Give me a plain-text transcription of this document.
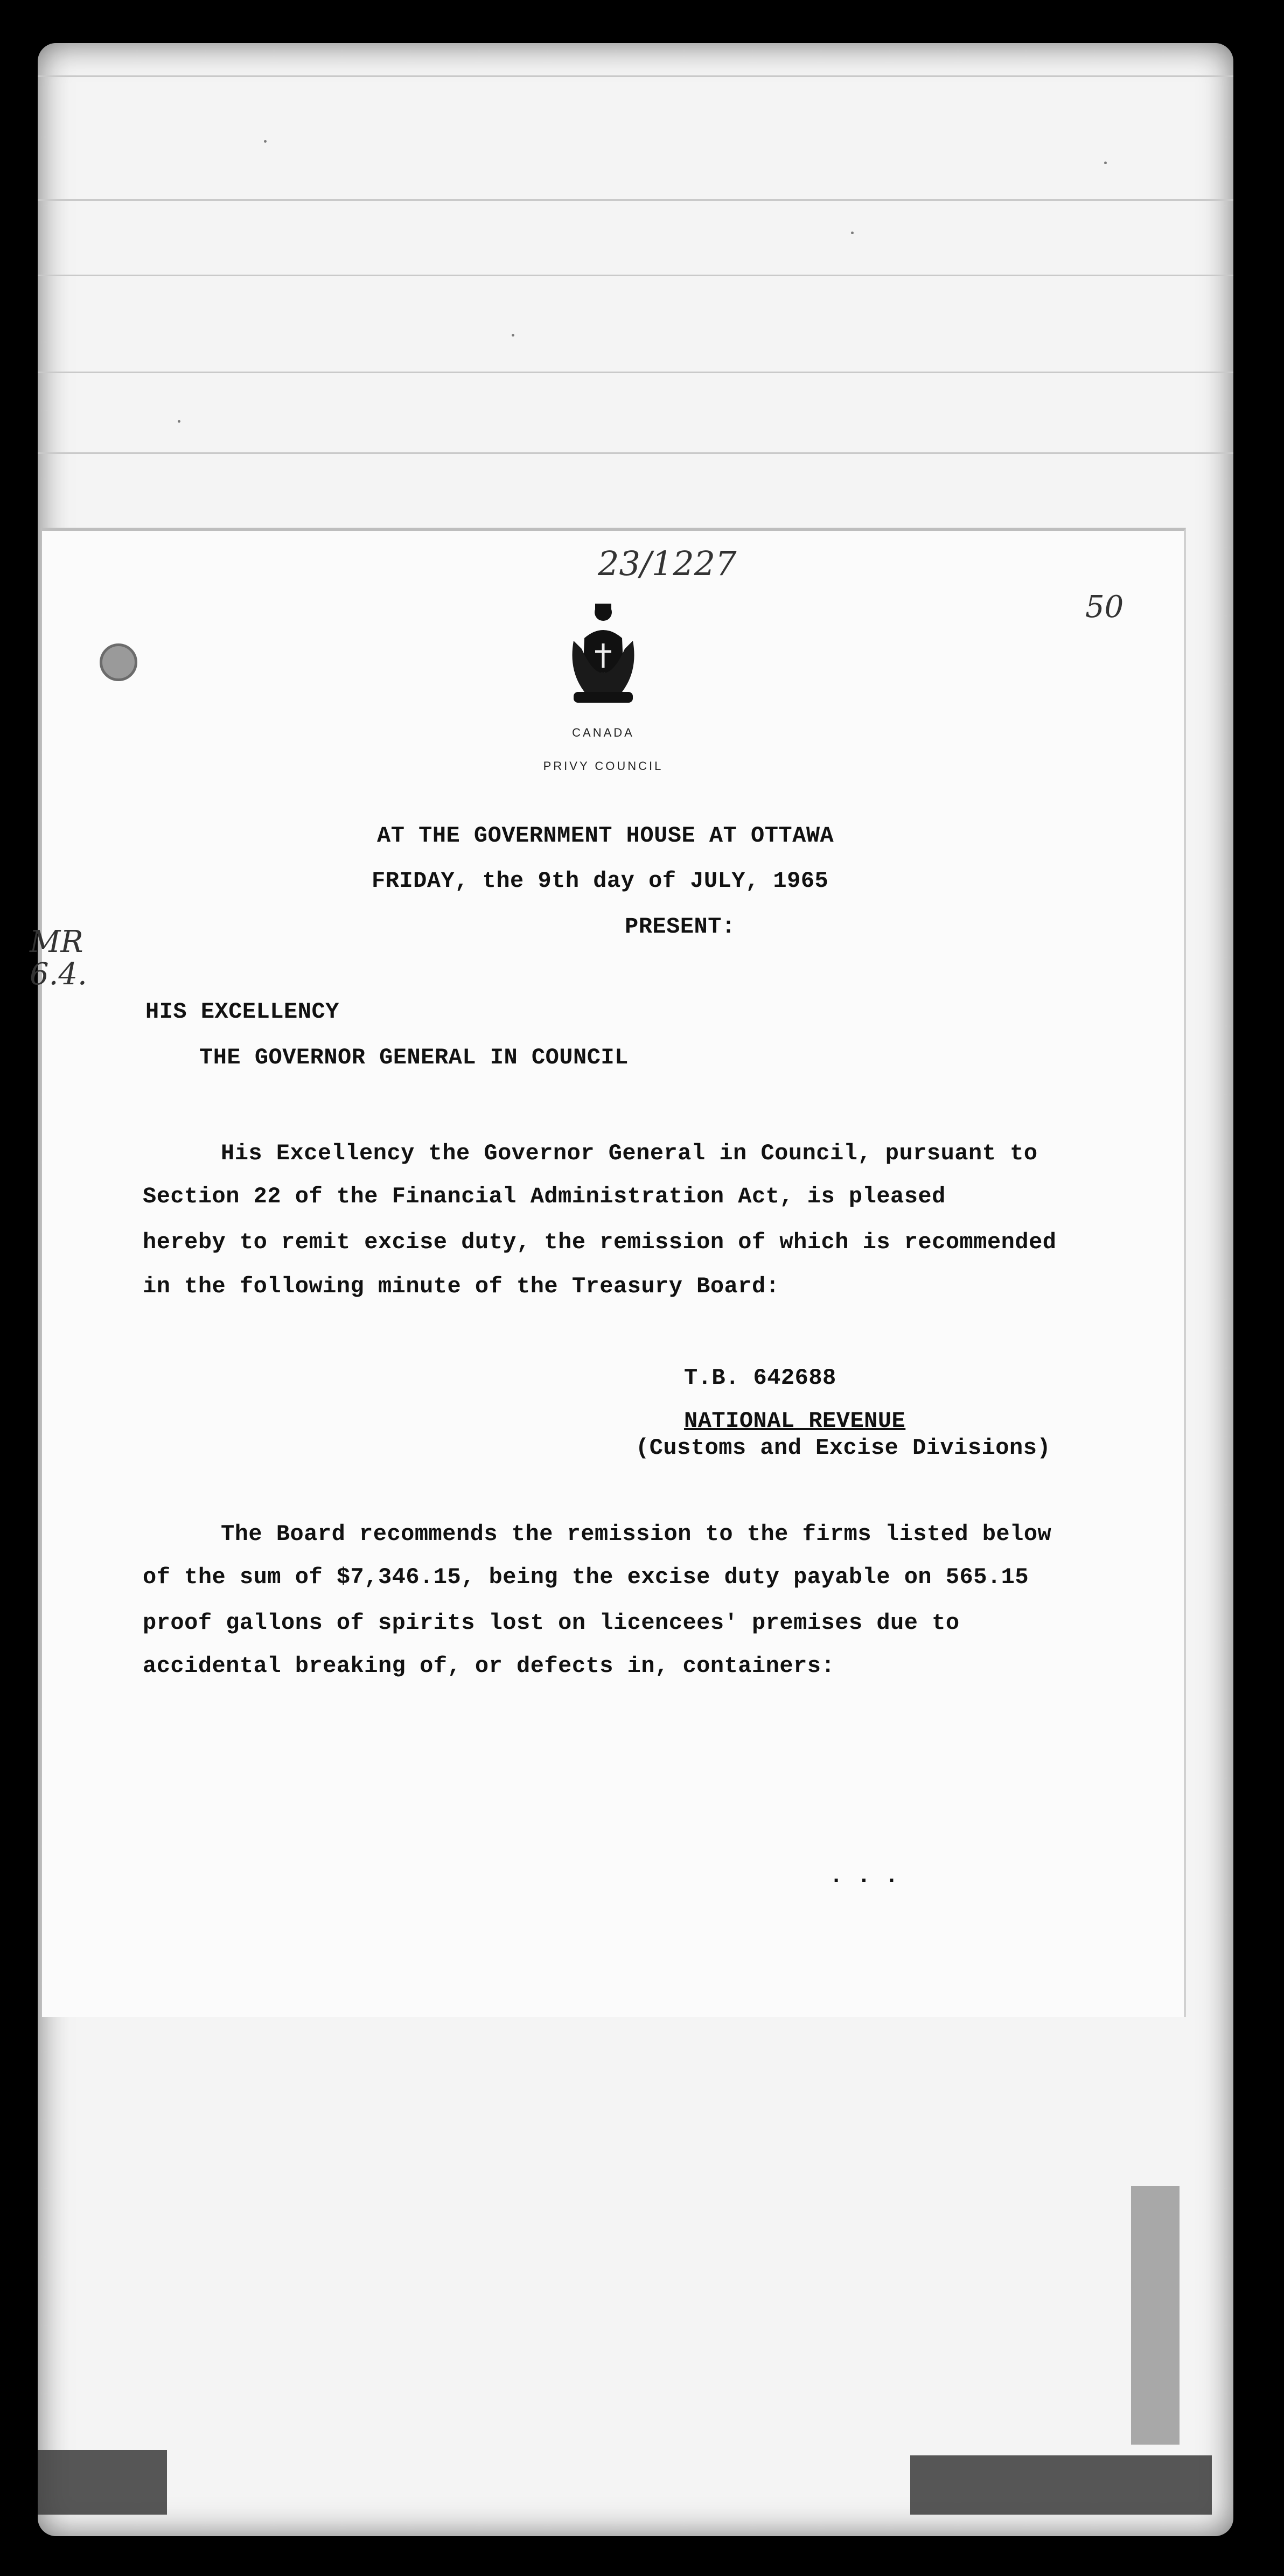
23/1227
50
MR
6.4.
CANADA
PRIVY COUNCIL
AT THE GOVERNMENT HOUSE AT OTTAWA
FRIDAY, the 9th day of JULY, 1965
PRESENT:
HIS EXCELLENCY
THE GOVERNOR GENERAL IN COUNCIL
His Excellency the Governor General in Council, pursuant to
Section 22 of the Financial Administration Act, is pleased
hereby to remit excise duty, the remission of which is recommended
in the following minute of the Treasury Board:
T.B. 642688
NATIONAL REVENUE
(Customs and Excise Divisions)
The Board recommends the remission to the firms listed below
of the sum of $7,346.15, being the excise duty payable on 565.15
proof gallons of spirits lost on licencees' premises due to
accidental breaking of, or defects in, containers:
. . .
